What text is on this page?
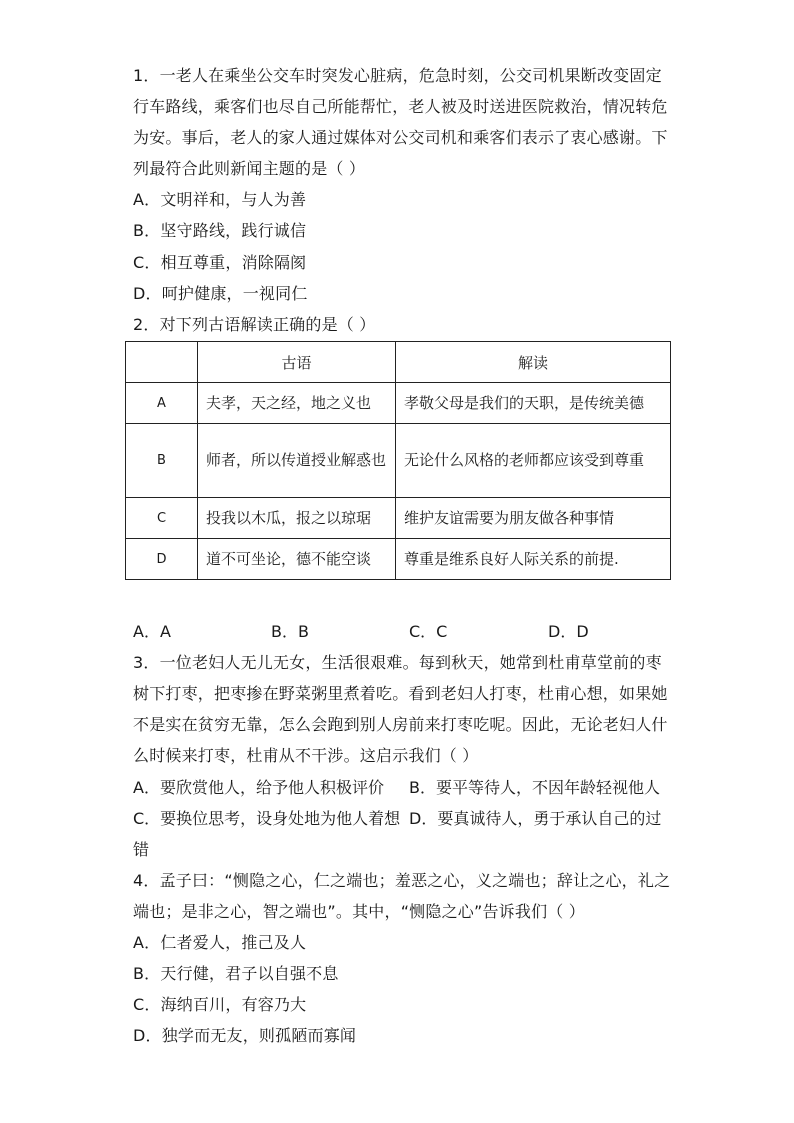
1．一老人在乘坐公交车时突发心脏病，危急时刻，公交司机果断改变固定
行车路线，乘客们也尽自己所能帮忙，老人被及时送进医院救治，情况转危
为安。事后，老人的家人通过媒体对公交司机和乘客们表示了衷心感谢。下
列最符合此则新闻主题的是（ ）
A．文明祥和，与人为善
B．坚守路线，践行诚信
C．相互尊重，消除隔阂
D．呵护健康，一视同仁
2．对下列古语解读正确的是（ ）
	古语	解读
A	夫孝，天之经，地之义也	孝敬父母是我们的天职，是传统美德
B	师者，所以传道授业解惑也	无论什么风格的老师都应该受到尊重
C	投我以木瓜，报之以琼琚	维护友谊需要为朋友做各种事情
D	道不可坐论，德不能空谈	尊重是维系良好人际关系的前提.
A．A	B．B	C．C	D．D
3．一位老妇人无儿无女，生活很艰难。每到秋天，她常到杜甫草堂前的枣
树下打枣，把枣掺在野菜粥里煮着吃。看到老妇人打枣，杜甫心想，如果她
不是实在贫穷无靠，怎么会跑到别人房前来打枣吃呢。因此，无论老妇人什
么时候来打枣，杜甫从不干涉。这启示我们（ ）
A．要欣赏他人，给予他人积极评价 B．要平等待人，不因年龄轻视他人
C．要换位思考，设身处地为他人着想 D．要真诚待人，勇于承认自己的过
错
4．孟子曰：“恻隐之心，仁之端也；羞恶之心，义之端也；辞让之心，礼之
端也；是非之心，智之端也”。其中，“恻隐之心”告诉我们（ ）
A．仁者爱人，推己及人
B．天行健，君子以自强不息
C．海纳百川，有容乃大
D．独学而无友，则孤陋而寡闻
